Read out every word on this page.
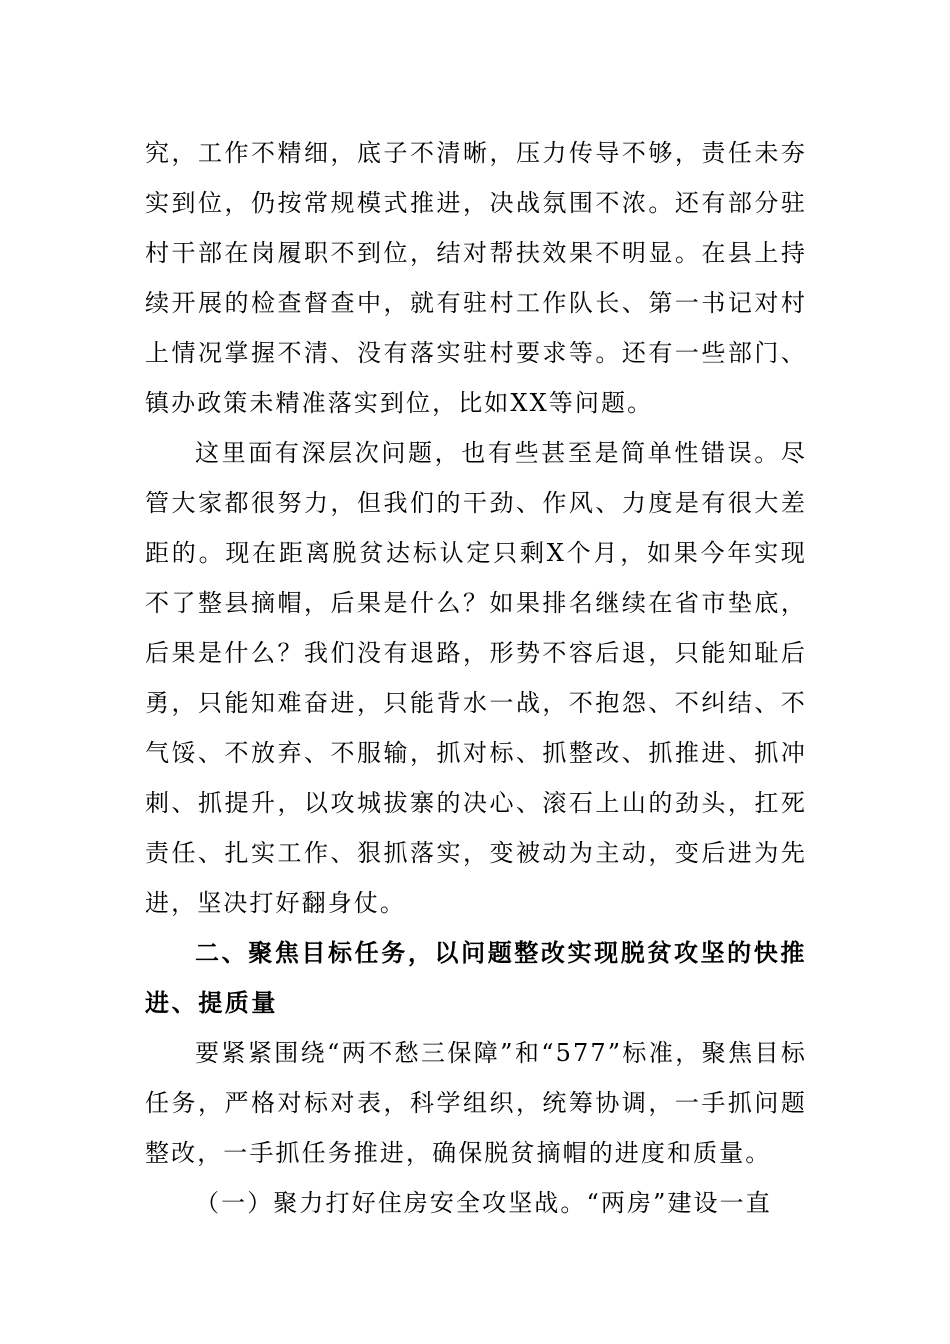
究，工作不精细，底子不清晰，压力传导不够，责任未夯实到位，仍按常规模式推进，决战氛围不浓。还有部分驻村干部在岗履职不到位，结对帮扶效果不明显。在县上持续开展的检查督查中，就有驻村工作队长、第一书记对村上情况掌握不清、没有落实驻村要求等。还有一些部门、镇办政策未精准落实到位，比如XX等问题。

这里面有深层次问题，也有些甚至是简单性错误。尽管大家都很努力，但我们的干劲、作风、力度是有很大差距的。现在距离脱贫达标认定只剩X个月，如果今年实现不了整县摘帽，后果是什么？如果排名继续在省市垫底，后果是什么？我们没有退路，形势不容后退，只能知耻后勇，只能知难奋进，只能背水一战，不抱怨、不纠结、不气馁、不放弃、不服输，抓对标、抓整改、抓推进、抓冲刺、抓提升，以攻城拔寨的决心、滚石上山的劲头，扛死责任、扎实工作、狠抓落实，变被动为主动，变后进为先进，坚决打好翻身仗。

二、聚焦目标任务，以问题整改实现脱贫攻坚的快推进、提质量

要紧紧围绕“两不愁三保障”和“577”标准，聚焦目标任务，严格对标对表，科学组织，统筹协调，一手抓问题整改，一手抓任务推进，确保脱贫摘帽的进度和质量。

（一）聚力打好住房安全攻坚战。“两房”建设一直
